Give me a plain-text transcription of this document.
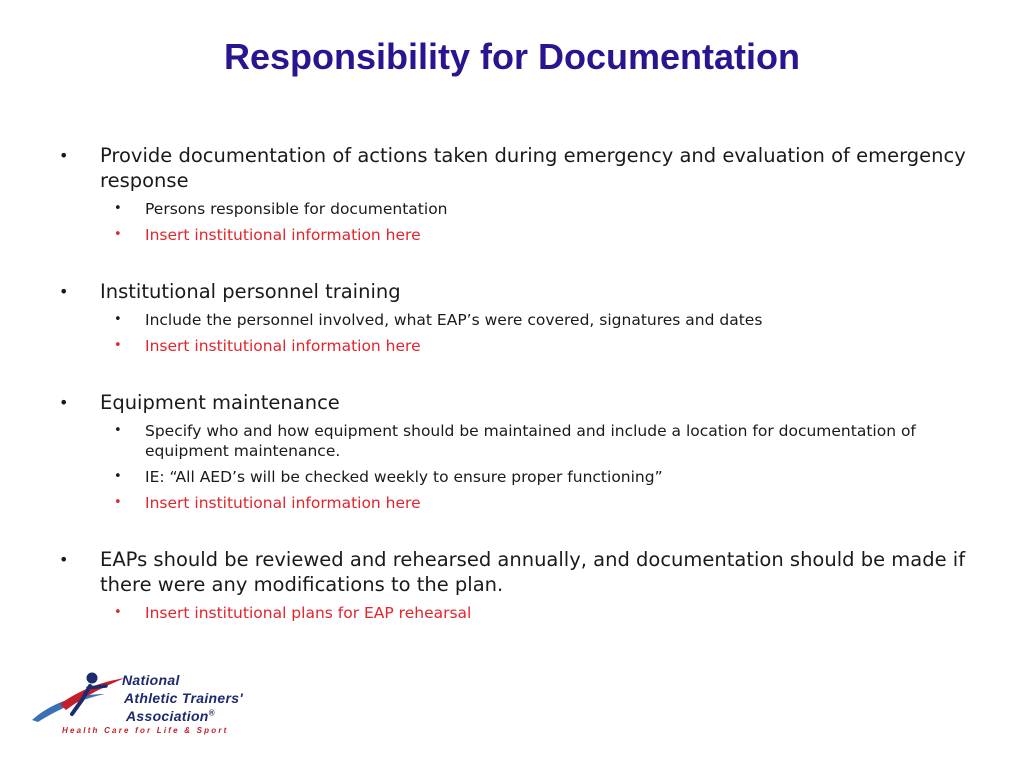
Responsibility for Documentation
• Provide documentation of actions taken during emergency and evaluation of emergency response
• Persons responsible for documentation
• Insert institutional information here
• Institutional personnel training
• Include the personnel involved, what EAP’s were covered, signatures and dates
• Insert institutional information here
• Equipment maintenance
• Specify who and how equipment should be maintained and include a location for documentation of equipment maintenance.
• IE: “All AED’s will be checked weekly to ensure proper functioning”
• Insert institutional information here
• EAPs should be reviewed and rehearsed annually, and documentation should be made if there were any modifications to the plan.
• Insert institutional plans for EAP rehearsal
National
Athletic Trainers'
Association®
Health Care for Life & Sport
